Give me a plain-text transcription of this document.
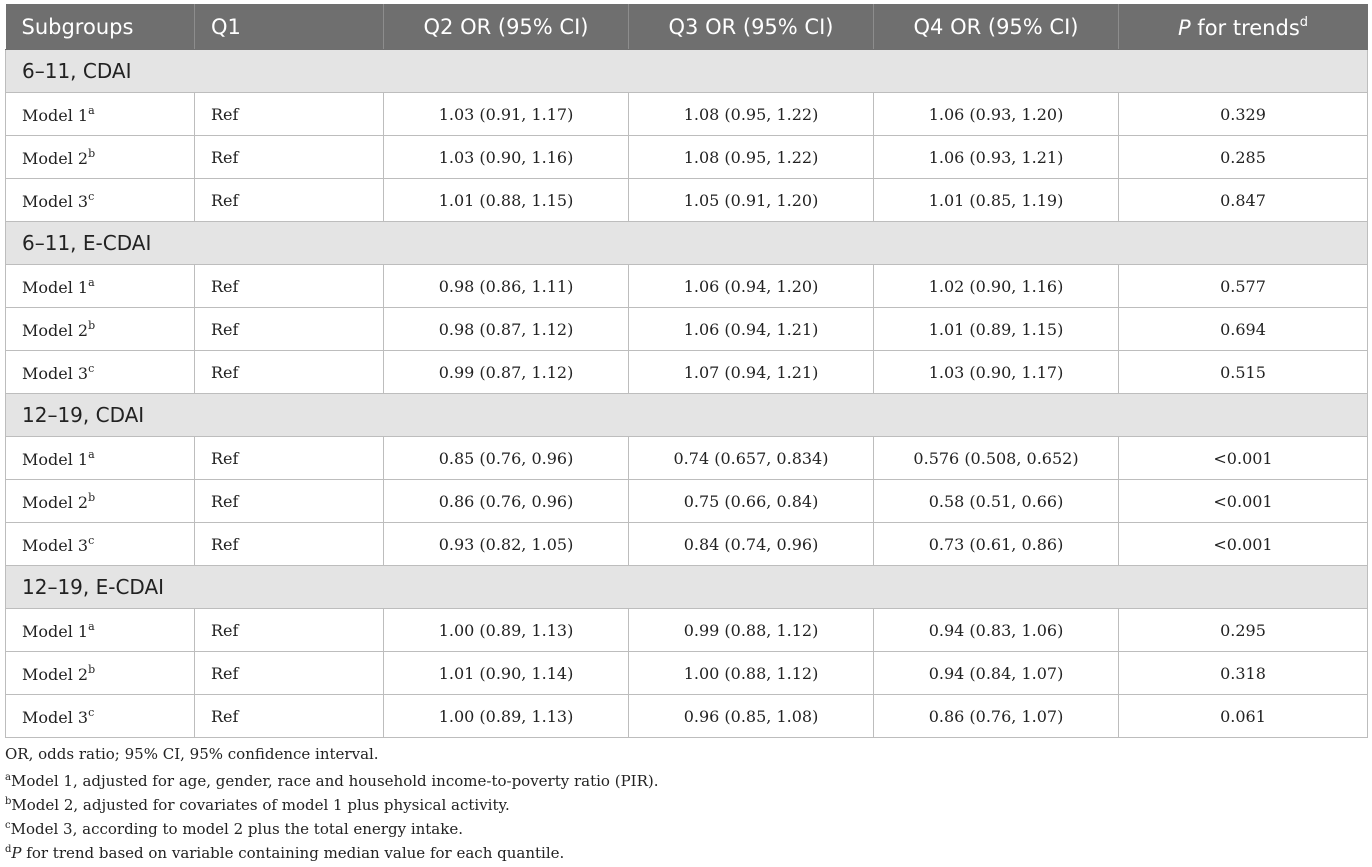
Subgroups	Q1	Q2 OR (95% CI)	Q3 OR (95% CI)	Q4 OR (95% CI)	P for trends$^d$
6–11, CDAI					
Model 1$^a$	Ref	1.03 (0.91, 1.17)	1.08 (0.95, 1.22)	1.06 (0.93, 1.20)	0.329
Model 2$^b$	Ref	1.03 (0.90, 1.16)	1.08 (0.95, 1.22)	1.06 (0.93, 1.21)	0.285
Model 3$^c$	Ref	1.01 (0.88, 1.15)	1.05 (0.91, 1.20)	1.01 (0.85, 1.19)	0.847
6–11, E-CDAI					
Model 1$^a$	Ref	0.98 (0.86, 1.11)	1.06 (0.94, 1.20)	1.02 (0.90, 1.16)	0.577
Model 2$^b$	Ref	0.98 (0.87, 1.12)	1.06 (0.94, 1.21)	1.01 (0.89, 1.15)	0.694
Model 3$^c$	Ref	0.99 (0.87, 1.12)	1.07 (0.94, 1.21)	1.03 (0.90, 1.17)	0.515
12–19, CDAI					
Model 1$^a$	Ref	0.85 (0.76, 0.96)	0.74 (0.657, 0.834)	0.576 (0.508, 0.652)	<0.001
Model 2$^b$	Ref	0.86 (0.76, 0.96)	0.75 (0.66, 0.84)	0.58 (0.51, 0.66)	<0.001
Model 3$^c$	Ref	0.93 (0.82, 1.05)	0.84 (0.74, 0.96)	0.73 (0.61, 0.86)	<0.001
12–19, E-CDAI					
Model 1$^a$	Ref	1.00 (0.89, 1.13)	0.99 (0.88, 1.12)	0.94 (0.83, 1.06)	0.295
Model 2$^b$	Ref	1.01 (0.90, 1.14)	1.00 (0.88, 1.12)	0.94 (0.84, 1.07)	0.318
Model 3$^c$	Ref	1.00 (0.89, 1.13)	0.96 (0.85, 1.08)	0.86 (0.76, 1.07)	0.061
OR, odds ratio; 95% CI, 95% confidence interval.
$^a$Model 1, adjusted for age, gender, race and household income-to-poverty ratio (PIR).
$^b$Model 2, adjusted for covariates of model 1 plus physical activity.
$^c$Model 3, according to model 2 plus the total energy intake.
$^d$P for trend based on variable containing median value for each quantile.
